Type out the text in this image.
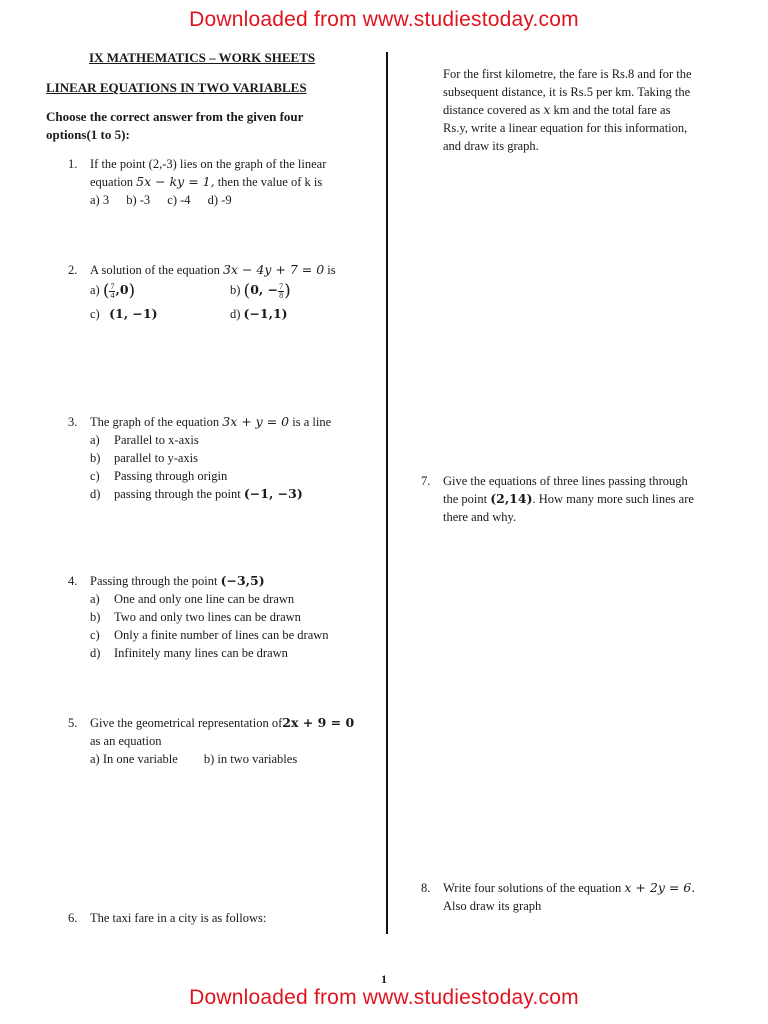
Downloaded from www.studiestoday.com
IX MATHEMATICS – WORK SHEETS
LINEAR EQUATIONS IN TWO VARIABLES
Choose the correct answer from the given four
options(1 to 5):
1. If the point (2,-3) lies on the graph of the linear
equation 5x − ky = 1, then the value of k is
a) 3 b) -3 c) -4 d) -9
2. A solution of the equation 3x − 4y + 7 = 0 is
a) ( $\frac{7}{4} ,0$)	b) (0, − $\frac{7}{8}$ )
c) (1, −1)	d) (−1,1)
3. The graph of the equation 3x + y = 0 is a line
a) Parallel to x-axis
b) parallel to y-axis
c) Passing through origin
d) passing through the point (−1, −3)
4. Passing through the point (−3,5)
a) One and only one line can be drawn
b) Two and only two lines can be drawn
c) Only a finite number of lines can be drawn
d) Infinitely many lines can be drawn
5. Give the geometrical representation of2x + 9 = 0
as an equation
a) In one variable b) in two variables
6. The taxi fare in a city is as follows:
For the first kilometre, the fare is Rs.8 and for the
subsequent distance, it is Rs.5 per km. Taking the
distance covered as x km and the total fare as
Rs.y, write a linear equation for this information,
and draw its graph.
7. Give the equations of three lines passing through
the point (2,14). How many more such lines are
there and why.
8. Write four solutions of the equation x + 2y = 6.
Also draw its graph
1
Downloaded from www.studiestoday.com
